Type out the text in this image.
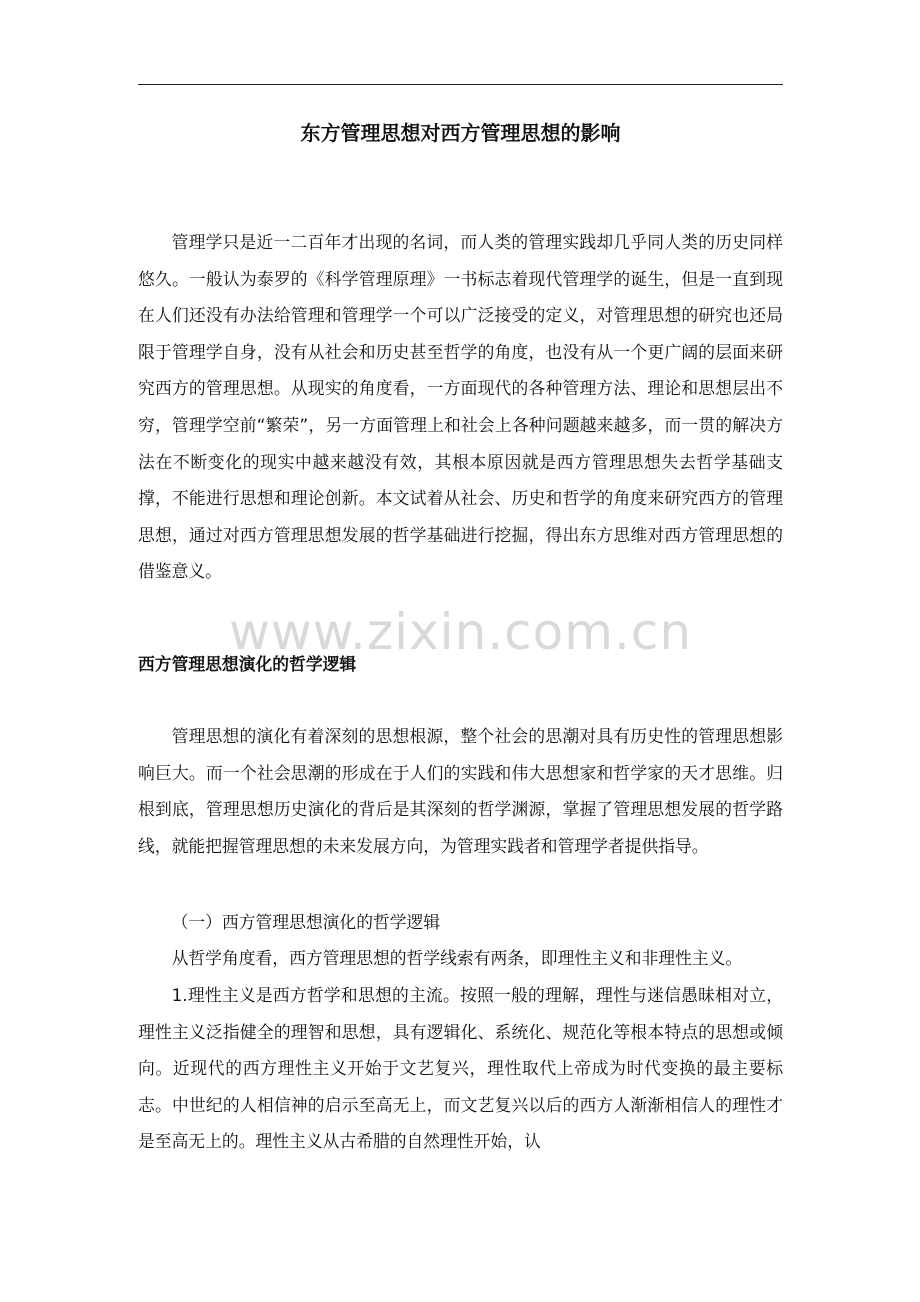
东方管理思想对西方管理思想的影响

管理学只是近一二百年才出现的名词，而人类的管理实践却几乎同人类的历史同样悠久。一般认为泰罗的《科学管理原理》一书标志着现代管理学的诞生，但是一直到现在人们还没有办法给管理和管理学一个可以广泛接受的定义，对管理思想的研究也还局限于管理学自身，没有从社会和历史甚至哲学的角度，也没有从一个更广阔的层面来研究西方的管理思想。从现实的角度看，一方面现代的各种管理方法、理论和思想层出不穷，管理学空前“繁荣”，另一方面管理上和社会上各种问题越来越多，而一贯的解决方法在不断变化的现实中越来越没有效，其根本原因就是西方管理思想失去哲学基础支撑，不能进行思想和理论创新。本文试着从社会、历史和哲学的角度来研究西方的管理思想，通过对西方管理思想发展的哲学基础进行挖掘，得出东方思维对西方管理思想的借鉴意义。

www.zixin.com.cn
西方管理思想演化的哲学逻辑

管理思想的演化有着深刻的思想根源，整个社会的思潮对具有历史性的管理思想影响巨大。而一个社会思潮的形成在于人们的实践和伟大思想家和哲学家的天才思维。归根到底，管理思想历史演化的背后是其深刻的哲学渊源，掌握了管理思想发展的哲学路线，就能把握管理思想的未来发展方向，为管理实践者和管理学者提供指导。

（一）西方管理思想演化的哲学逻辑

从哲学角度看，西方管理思想的哲学线索有两条，即理性主义和非理性主义。

1.理性主义是西方哲学和思想的主流。按照一般的理解，理性与迷信愚昧相对立，理性主义泛指健全的理智和思想，具有逻辑化、系统化、规范化等根本特点的思想或倾向。近现代的西方理性主义开始于文艺复兴，理性取代上帝成为时代变换的最主要标志。中世纪的人相信神的启示至高无上，而文艺复兴以后的西方人渐渐相信人的理性才是至高无上的。理性主义从古希腊的自然理性开始，认
